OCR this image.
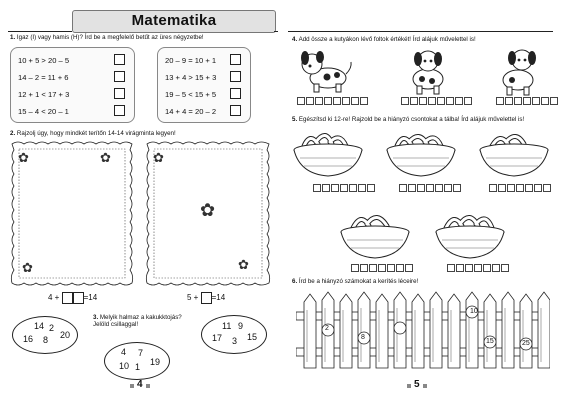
Matematika
1. Igaz (I) vagy hamis (H)? Írd be a megfelelő betűt az üres négyzetbe!
10 + 5 > 20 – 5
14 – 2 = 11 + 6
12 + 1 < 17 + 3
15 – 4 < 20 – 1
20 – 9 = 10 + 1
13 + 4 > 15 + 3
19 – 5 < 15 + 5
14 + 4 = 20 – 2
2. Rajzolj úgy, hogy mindkét terítőn 14-14 virágminta legyen!
✿	✿
✿
✿
✿
✿
4 +	=14	5 + =14
14 2
16 8 20
3. Melyik halmaz a kakukktojás?
Jelöld csillaggal!	11 9
17 3 15
4 7
10 1 19
4
4. Add össze a kutyákon lévő foltok értékét! Írd alájuk művelettel is!
5. Egészítsd ki 12-re! Rajzold be a hiányzó csontokat a tálba! Írd alájuk művelettel is!
6. Írd be a hiányzó számokat a kerítés léceire!
2
8
10
15	25
5
